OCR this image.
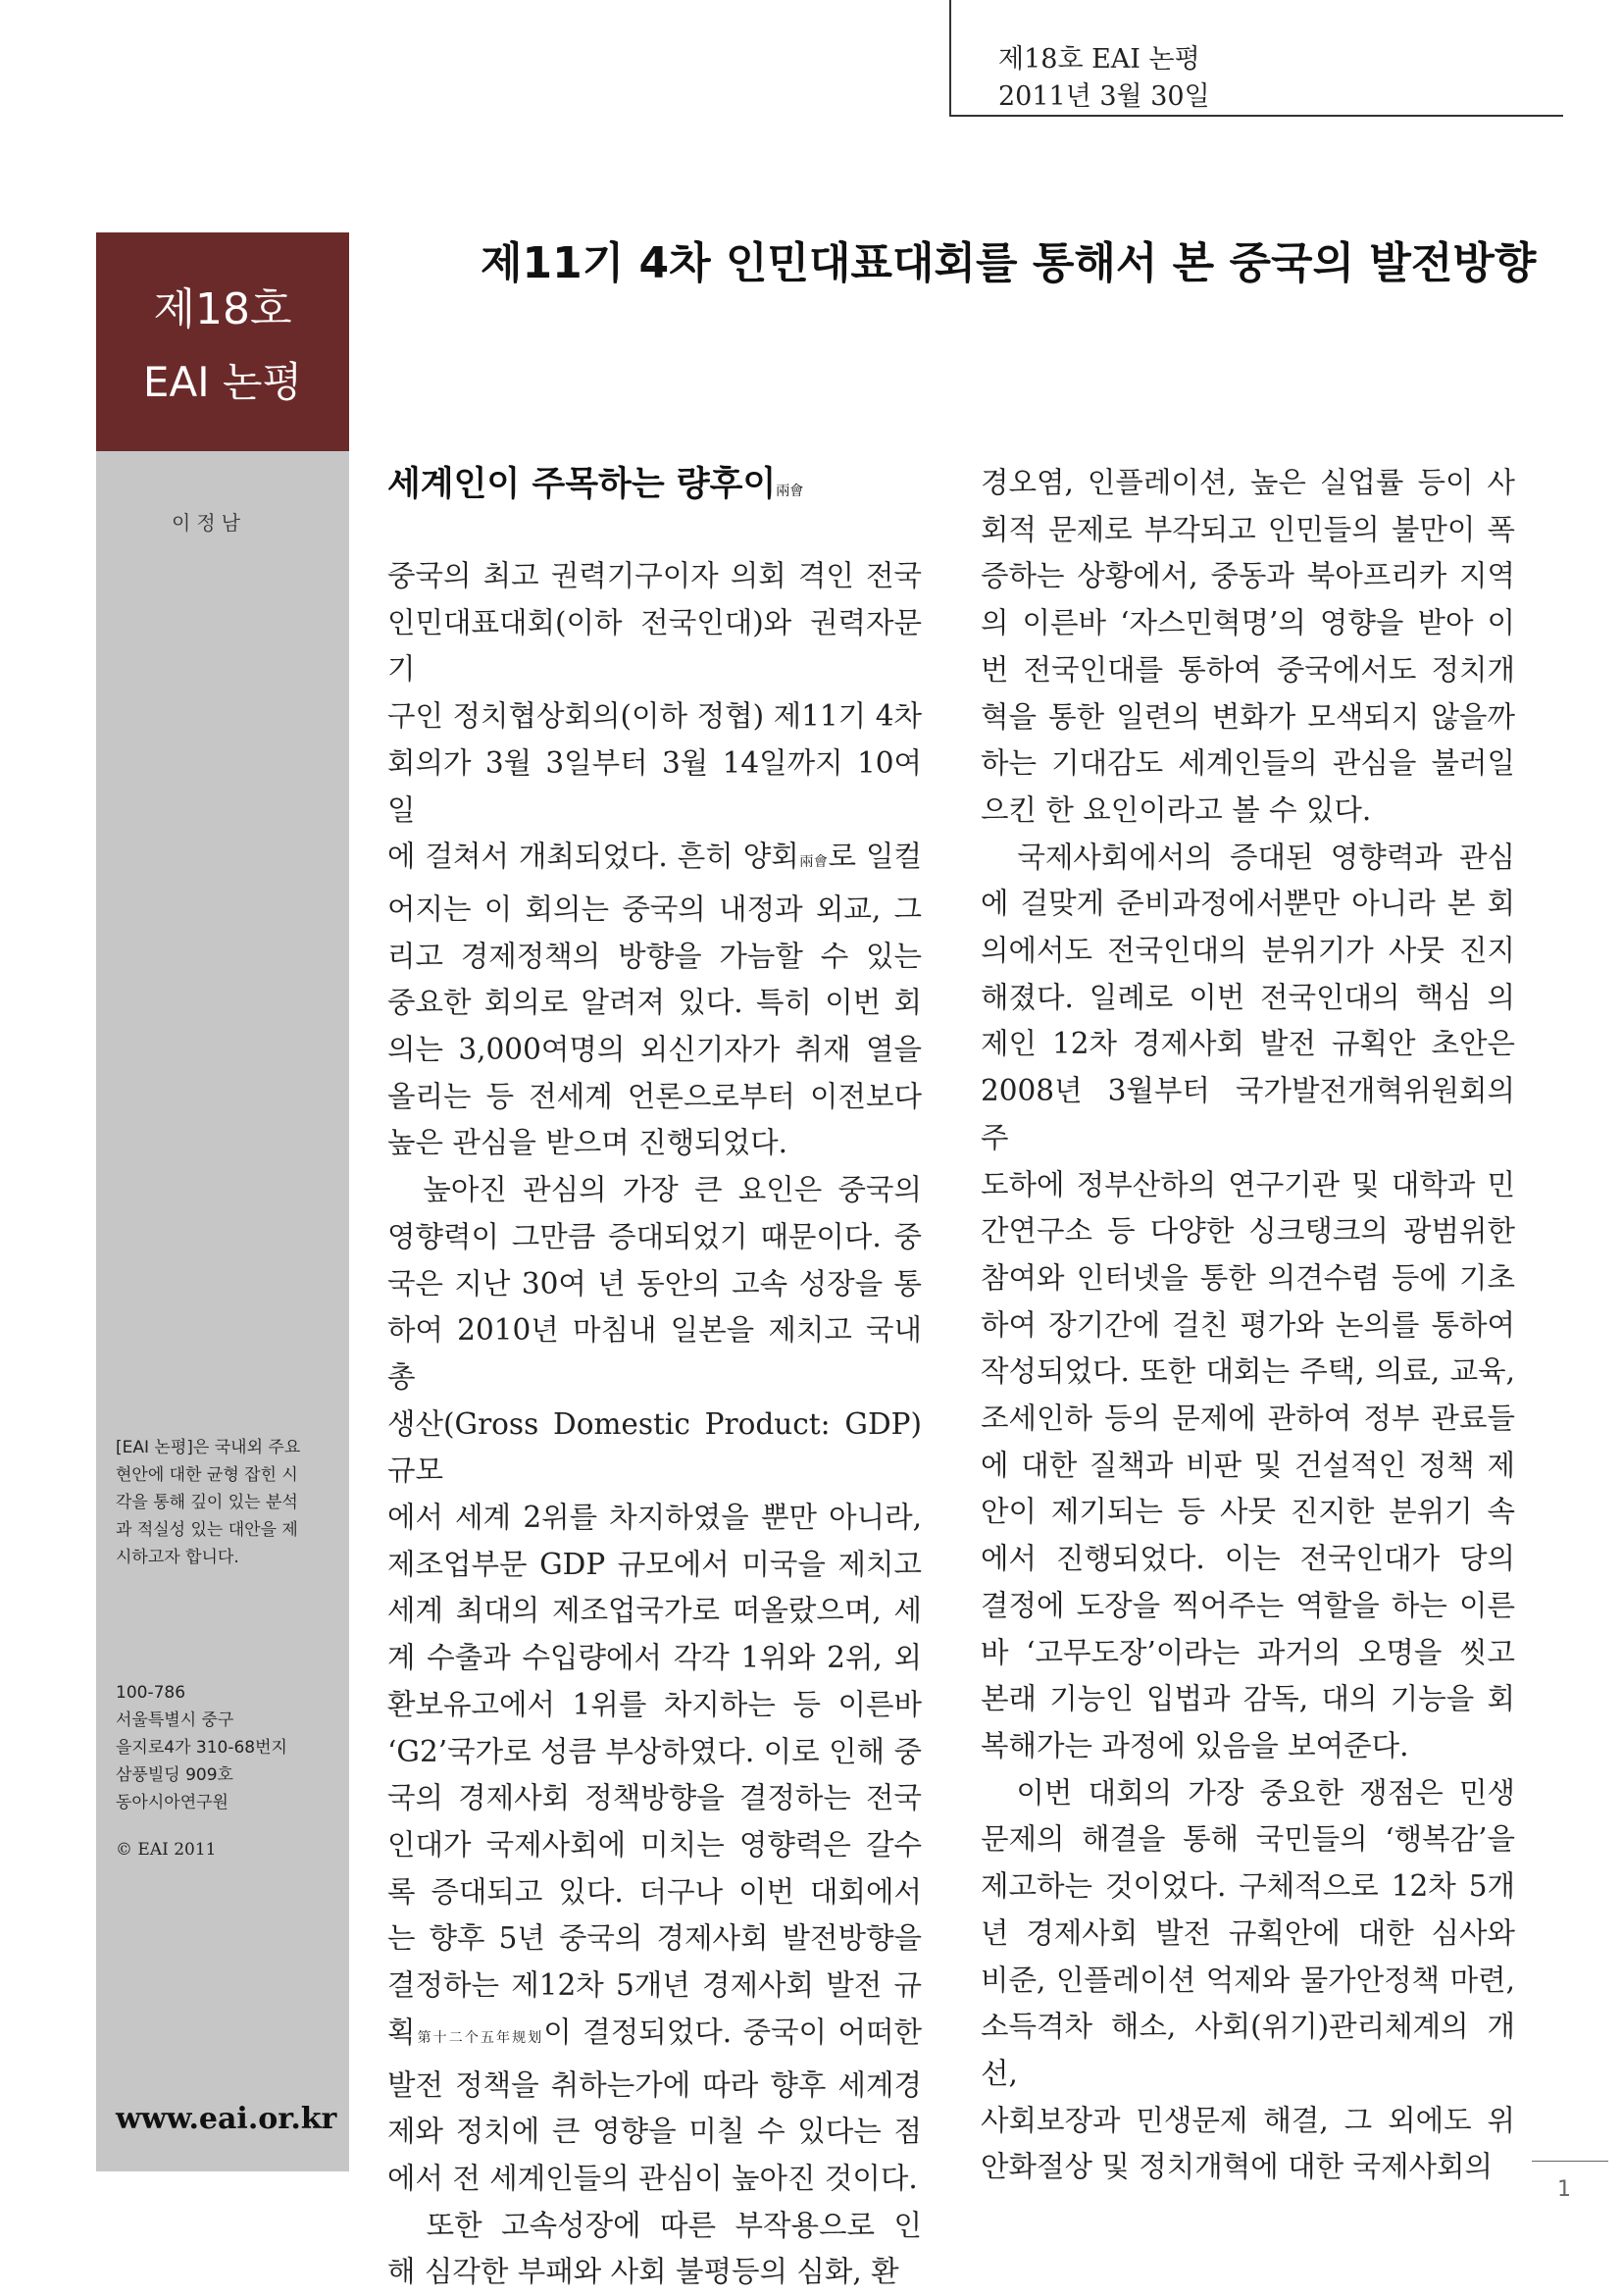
제18호 EAI 논평
2011년 3월 30일
제18호
EAI 논평
이정남
[EAI 논평]은 국내외 주요
현안에 대한 균형 잡힌 시
각을 통해 깊이 있는 분석
과 적실성 있는 대안을 제
시하고자 합니다.
100-786
서울특별시 중구
을지로4가 310-68번지
삼풍빌딩 909호
동아시아연구원
© EAI 2011
www.eai.or.kr
제11기 4차 인민대표대회를 통해서 본 중국의 발전방향
세계인이 주목하는 량후이兩會

중국의 최고 권력기구이자 의회 격인 전국

인민대표대회(이하 전국인대)와 권력자문기

구인 정치협상회의(이하 정협) 제11기 4차

회의가 3월 3일부터 3월 14일까지 10여 일

에 걸쳐서 개최되었다. 흔히 양회兩會로 일컬

어지는 이 회의는 중국의 내정과 외교, 그

리고 경제정책의 방향을 가늠할 수 있는

중요한 회의로 알려져 있다. 특히 이번 회

의는 3,000여명의 외신기자가 취재 열을

올리는 등 전세계 언론으로부터 이전보다

높은 관심을 받으며 진행되었다.

　높아진 관심의 가장 큰 요인은 중국의

영향력이 그만큼 증대되었기 때문이다. 중

국은 지난 30여 년 동안의 고속 성장을 통

하여 2010년 마침내 일본을 제치고 국내총

생산(Gross Domestic Product: GDP) 규모

에서 세계 2위를 차지하였을 뿐만 아니라,

제조업부문 GDP 규모에서 미국을 제치고

세계 최대의 제조업국가로 떠올랐으며, 세

계 수출과 수입량에서 각각 1위와 2위, 외

환보유고에서 1위를 차지하는 등 이른바

‘G2’국가로 성큼 부상하였다. 이로 인해 중

국의 경제사회 정책방향을 결정하는 전국

인대가 국제사회에 미치는 영향력은 갈수

록 증대되고 있다. 더구나 이번 대회에서

는 향후 5년 중국의 경제사회 발전방향을

결정하는 제12차 5개년 경제사회 발전 규

획第十二个五年规划이 결정되었다. 중국이 어떠한

발전 정책을 취하는가에 따라 향후 세계경

제와 정치에 큰 영향을 미칠 수 있다는 점

에서 전 세계인들의 관심이 높아진 것이다.

　또한 고속성장에 따른 부작용으로 인

해 심각한 부패와 사회 불평등의 심화, 환

경오염, 인플레이션, 높은 실업률 등이 사

회적 문제로 부각되고 인민들의 불만이 폭

증하는 상황에서, 중동과 북아프리카 지역

의 이른바 ‘자스민혁명’의 영향을 받아 이

번 전국인대를 통하여 중국에서도 정치개

혁을 통한 일련의 변화가 모색되지 않을까

하는 기대감도 세계인들의 관심을 불러일

으킨 한 요인이라고 볼 수 있다.

　국제사회에서의 증대된 영향력과 관심

에 걸맞게 준비과정에서뿐만 아니라 본 회

의에서도 전국인대의 분위기가 사뭇 진지

해졌다. 일례로 이번 전국인대의 핵심 의

제인 12차 경제사회 발전 규획안 초안은

2008년 3월부터 국가발전개혁위원회의 주

도하에 정부산하의 연구기관 및 대학과 민

간연구소 등 다양한 싱크탱크의 광범위한

참여와 인터넷을 통한 의견수렴 등에 기초

하여 장기간에 걸친 평가와 논의를 통하여

작성되었다. 또한 대회는 주택, 의료, 교육,

조세인하 등의 문제에 관하여 정부 관료들

에 대한 질책과 비판 및 건설적인 정책 제

안이 제기되는 등 사뭇 진지한 분위기 속

에서 진행되었다. 이는 전국인대가 당의

결정에 도장을 찍어주는 역할을 하는 이른

바 ‘고무도장’이라는 과거의 오명을 씻고

본래 기능인 입법과 감독, 대의 기능을 회

복해가는 과정에 있음을 보여준다.

　이번 대회의 가장 중요한 쟁점은 민생

문제의 해결을 통해 국민들의 ‘행복감’을

제고하는 것이었다. 구체적으로 12차 5개

년 경제사회 발전 규획안에 대한 심사와

비준, 인플레이션 억제와 물가안정책 마련,

소득격차 해소, 사회(위기)관리체계의 개선,

사회보장과 민생문제 해결, 그 외에도 위

안화절상 및 정치개혁에 대한 국제사회의

1
